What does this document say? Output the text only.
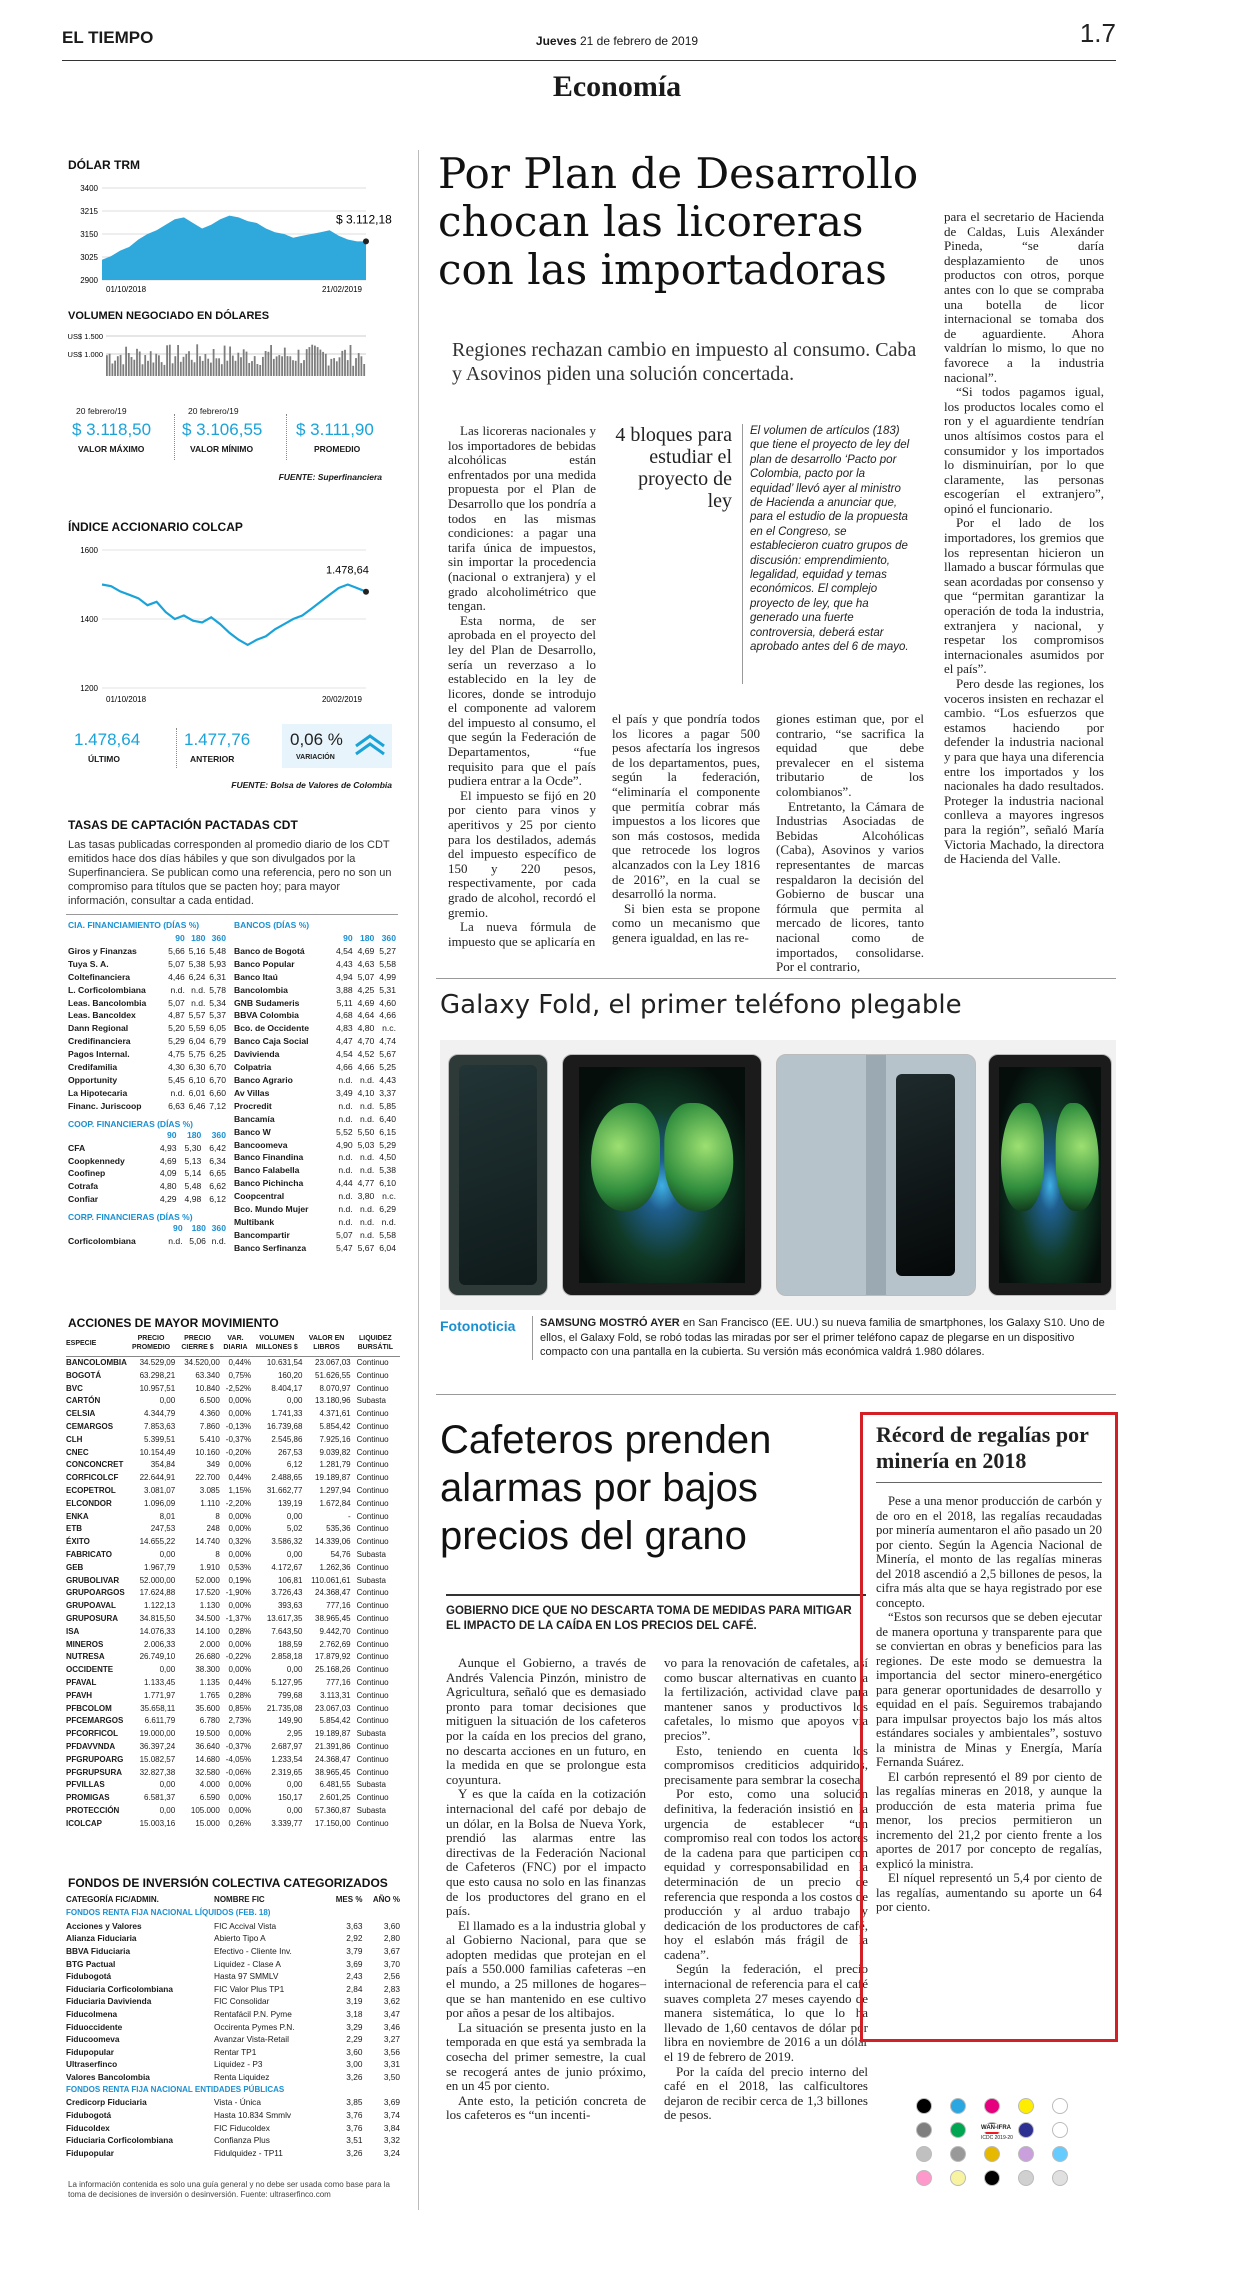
EL TIEMPO	Jueves 21 de febrero de 2019	1.7
Economía
DÓLAR TRM
3400
3215
3150
3025
2900
$ 3.112,18
01/10/2018	21/02/2019
VOLUMEN NEGOCIADO EN DÓLARES
US$ 1.500
US$ 1.000
20 febrero/19
$ 3.118,50
VALOR MÁXIMO
20 febrero/19
$ 3.106,55
VALOR MÍNIMO
$ 3.111,90
PROMEDIO
FUENTE: Superfinanciera
ÍNDICE ACCIONARIO COLCAP
1600
1400
1200
1.478,64
01/10/2018	20/02/2019
1.478,64
ÚLTIMO
1.477,76
ANTERIOR
0,06 %
VARIACIÓN
FUENTE: Bolsa de Valores de Colombia
TASAS DE CAPTACIÓN PACTADAS CDT
Las tasas publicadas corresponden al promedio diario de los CDT emitidos hace dos días hábiles y que son divulgados por la Superfinanciera. Se publican como una referencia, pero no son un compromiso para títulos que se pacten hoy; para mayor información, consultar a cada entidad.
CIA. FINANCIAMIENTO (DÍAS %)
	90	180	360
Giros y Finanzas	5,66	5,16	5,48
Tuya S. A.	5,07	5,38	5,93
Coltefinanciera	4,46	6,24	6,31
L. Corficolombiana	n.d.	n.d.	5,78
Leas. Bancolombia	5,07	n.d.	5,34
Leas. Bancoldex	4,87	5,57	5,37
Dann Regional	5,20	5,59	6,05
Credifinanciera	5,29	6,04	6,79
Pagos Internal.	4,75	5,75	6,25
Credifamilia	4,30	6,30	6,70
Opportunity	5,45	6,10	6,70
La Hipotecaria	n.d.	6,01	6,60
Financ. Juriscoop	6,63	6,46	7,12
COOP. FINANCIERAS (DÍAS %)
	90	180	360
CFA	4,93	5,30	6,42
Coopkennedy	4,69	5,13	6,34
Coofinep	4,09	5,14	6,65
Cotrafa	4,80	5,48	6,62
Confiar	4,29	4,98	6,12
CORP. FINANCIERAS (DÍAS %)
	90	180	360
Corficolombiana	n.d.	5,06	n.d.
BANCOS (DÍAS %)
	90	180	360
Banco de Bogotá	4,54	4,69	5,27
Banco Popular	4,43	4,63	5,58
Banco Itaú	4,94	5,07	4,99
Bancolombia	3,88	4,25	5,31
GNB Sudameris	5,11	4,69	4,60
BBVA Colombia	4,68	4,64	4,66
Bco. de Occidente	4,83	4,80	n.c.
Banco Caja Social	4,47	4,70	4,74
Davivienda	4,54	4,52	5,67
Colpatria	4,66	4,66	5,25
Banco Agrario	n.d.	n.d.	4,43
Av Villas	3,49	4,10	3,37
Procredit	n.d.	n.d.	5,85
Bancamía	n.d.	n.d.	6,40
Banco W	5,52	5,50	6,15
Bancoomeva	4,90	5,03	5,29
Banco Finandina	n.d.	n.d.	4,50
Banco Falabella	n.d.	n.d.	5,38
Banco Pichincha	4,44	4,77	6,10
Coopcentral	n.d.	3,80	n.c.
Bco. Mundo Mujer	n.d.	n.d.	6,29
Multibank	n.d.	n.d.	n.d.
Bancompartir	5,07	n.d.	5,58
Banco Serfinanza	5,47	5,67	6,04
ACCIONES DE MAYOR MOVIMIENTO
ESPECIE	PRECIO PROMEDIO	PRECIO CIERRE $	VAR. DIARIA	VOLUMEN MILLONES $	VALOR EN LIBROS	LIQUIDEZ BURSÁTIL
BANCOLOMBIA	34.529,09	34.520,00	0,44%	10.631,54	23.067,03	Continuo
BOGOTÁ	63.298,21	63.340	0,75%	160,20	51.626,55	Continuo
BVC	10.957,51	10.840	-2,52%	8.404,17	8.070,97	Continuo
CARTÓN	0,00	6.500	0,00%	0,00	13.180,96	Subasta
CELSIA	4.344,79	4.360	0,00%	1.741,33	4.371,61	Continuo
CEMARGOS	7.853,63	7.860	-0,13%	16.739,68	5.854,42	Continuo
CLH	5.399,51	5.410	-0,37%	2.545,86	7.925,16	Continuo
CNEC	10.154,49	10.160	-0,20%	267,53	9.039,82	Continuo
CONCONCRET	354,84	349	0,00%	6,12	1.281,79	Continuo
CORFICOLCF	22.644,91	22.700	0,44%	2.488,65	19.189,87	Continuo
ECOPETROL	3.081,07	3.085	1,15%	31.662,77	1.297,94	Continuo
ELCONDOR	1.096,09	1.110	-2,20%	139,19	1.672,84	Continuo
ENKA	8,01	8	0,00%	0,00	-	Continuo
ETB	247,53	248	0,00%	5,02	535,36	Continuo
ÉXITO	14.655,22	14.740	0,32%	3.586,32	14.339,06	Continuo
FABRICATO	0,00	8	0,00%	0,00	54,76	Subasta
GEB	1.967,79	1.910	0,53%	4.172,67	1.262,36	Continuo
GRUBOLIVAR	52.000,00	52.000	0,19%	106,81	110.061,61	Subasta
GRUPOARGOS	17.624,88	17.520	-1,90%	3.726,43	24.368,47	Continuo
GRUPOAVAL	1.122,13	1.130	0,00%	393,63	777,16	Continuo
GRUPOSURA	34.815,50	34.500	-1,37%	13.617,35	38.965,45	Continuo
ISA	14.076,33	14.100	0,28%	7.643,50	9.442,70	Continuo
MINEROS	2.006,33	2.000	0,00%	188,59	2.762,69	Continuo
NUTRESA	26.749,10	26.680	-0,22%	2.858,18	17.879,92	Continuo
OCCIDENTE	0,00	38.300	0,00%	0,00	25.168,26	Continuo
PFAVAL	1.133,45	1.135	0,44%	5.127,95	777,16	Continuo
PFAVH	1.771,97	1.765	0,28%	799,68	3.113,31	Continuo
PFBCOLOM	35.658,11	35.600	0,85%	21.735,08	23.067,03	Continuo
PFCEMARGOS	6.611,79	6.780	2,73%	149,90	5.854,42	Continuo
PFCORFICOL	19.000,00	19.500	0,00%	2,95	19.189,87	Subasta
PFDAVVNDA	36.397,24	36.640	-0,37%	2.687,97	21.391,86	Continuo
PFGRUPOARG	15.082,57	14.680	-4,05%	1.233,54	24.368,47	Continuo
PFGRUPSURA	32.827,38	32.580	-0,06%	2.319,65	38.965,45	Continuo
PFVILLAS	0,00	4.000	0,00%	0,00	6.481,55	Subasta
PROMIGAS	6.581,37	6.590	0,00%	150,17	2.601,25	Continuo
PROTECCIÓN	0,00	105.000	0,00%	0,00	57.360,87	Subasta
ICOLCAP	15.003,16	15.000	0,26%	3.339,77	17.150,00	Continuo
FONDOS DE INVERSIÓN COLECTIVA CATEGORIZADOS
CATEGORÍA FIC/ADMIN.	NOMBRE FIC	MES %	AÑO %
FONDOS RENTA FIJA NACIONAL LÍQUIDOS (FEB. 18)			
Acciones y Valores	FIC Accival Vista	3,63	3,60
Alianza Fiduciaria	Abierto Tipo A	2,92	2,80
BBVA Fiduciaria	Efectivo - Cliente Inv.	3,79	3,67
BTG Pactual	Liquidez - Clase A	3,69	3,70
Fidubogotá	Hasta 97 SMMLV	2,43	2,56
Fiduciaria Corficolombiana	FIC Valor Plus TP1	2,84	2,83
Fiduciaria Davivienda	FIC Consolidar	3,19	3,62
Fiducolmena	Rentafácil P.N. Pyme	3,18	3,47
Fiduoccidente	Occirenta Pymes P.N.	3,29	3,46
Fiducoomeva	Avanzar Vista-Retail	2,29	3,27
Fidupopular	Rentar TP1	3,60	3,56
Ultraserfinco	Liquidez - P3	3,00	3,31
Valores Bancolombia	Renta Liquidez	3,26	3,50
FONDOS RENTA FIJA NACIONAL ENTIDADES PÚBLICAS			
Credicorp Fiduciaria	Vista - Única	3,85	3,69
Fidubogotá	Hasta 10.834 Smmlv	3,76	3,74
Fiducoldex	FIC Fiducoldex	3,76	3,84
Fiduciaria Corficolombiana	Confianza Plus	3,51	3,32
Fidupopular	Fidulquidez - TP11	3,26	3,24
La información contenida es solo una guía general y no debe ser usada como base para la toma de decisiones de inversión o desinversión. Fuente: ultraserfinco.com
Por Plan de Desarrollo chocan las licoreras con las importadoras
Regiones rechazan cambio en impuesto al consumo. Caba y Asovinos piden una solución concertada.

Las licoreras nacionales y los importadores de bebidas alcohólicas están enfrentados por una medida propuesta por el Plan de Desarrollo que los pondría a todos en las mismas condiciones: a pagar una tarifa única de impuestos, sin importar la procedencia (nacional o extranjera) y el grado alcoholimétrico que tengan.

Esta norma, de ser aprobada en el proyecto del ley del Plan de Desarrollo, sería un reverzaso a lo establecido en la ley de licores, donde se introdujo el componente ad valorem del impuesto al consumo, el que según la Federación de Departamentos, “fue requisito para que el país pudiera entrar a la Ocde”.

El impuesto se fijó en 20 por ciento para vinos y aperitivos y 25 por ciento para los destilados, además del impuesto específico de 150 y 220 pesos, respectivamente, por cada grado de alcohol, recordó el gremio.

La nueva fórmula de impuesto que se aplicaría en

4 bloques para estudiar el proyecto de ley
El volumen de artículos (183) que tiene el proyecto de ley del plan de desarrollo ‘Pacto por Colombia, pacto por la equidad’ llevó ayer al ministro de Hacienda a anunciar que, para el estudio de la propuesta en el Congreso, se establecieron cuatro grupos de discusión: emprendimiento, legalidad, equidad y temas económicos. El complejo proyecto de ley, que ha generado una fuerte controversia, deberá estar aprobado antes del 6 de mayo.

el país y que pondría todos los licores a pagar 500 pesos afectaría los ingresos de los departamentos, pues, según la federación, “eliminaría el componente que permitía cobrar más impuestos a los licores que son más costosos, medida que retrocede los logros alcanzados con la Ley 1816 de 2016”, en la cual se desarrolló la norma.

Si bien esta se propone como un mecanismo que genera igualdad, en las re-

giones estiman que, por el contrario, “se sacrifica la equidad que debe prevalecer en el sistema tributario de los colombianos”.

Entretanto, la Cámara de Industrias Asociadas de Bebidas Alcohólicas (Caba), Asovinos y varios representantes de marcas respaldaron la decisión del Gobierno de buscar una fórmula que permita al mercado de licores, tanto nacional como de importados, consolidarse. Por el contrario,

para el secretario de Hacienda de Caldas, Luis Alexánder Pineda, “se daría desplazamiento de unos productos con otros, porque antes con lo que se compraba una botella de licor internacional se tomaba dos de aguardiente. Ahora valdrían lo mismo, lo que no favorece a la industria nacional”.

“Si todos pagamos igual, los productos locales como el ron y el aguardiente tendrían unos altísimos costos para el consumidor y los importados lo disminuirían, por lo que claramente, las personas escogerían el extranjero”, opinó el funcionario.

Por el lado de los importadores, los gremios que los representan hicieron un llamado a buscar fórmulas que sean acordadas por consenso y que “permitan garantizar la operación de toda la industria, extranjera y nacional, y respetar los compromisos internacionales asumidos por el país”.

Pero desde las regiones, los voceros insisten en rechazar el cambio. “Los esfuerzos que estamos haciendo por defender la industria nacional y para que haya una diferencia entre los importados y los nacionales ha dado resultados. Proteger la industria nacional conlleva a mayores ingresos para la región”, señaló María Victoria Machado, la directora de Hacienda del Valle.

Galaxy Fold, el primer teléfono plegable
Fotonoticia SAMSUNG MOSTRÓ AYER en San Francisco (EE. UU.) su nueva familia de smartphones, los Galaxy S10. Uno de ellos, el Galaxy Fold, se robó todas las miradas por ser el primer teléfono capaz de plegarse en un dispositivo compacto con una pantalla en la cubierta. Su versión más económica valdrá 1.980 dólares.
Cafeteros prenden alarmas por bajos precios del grano
GOBIERNO DICE QUE NO DESCARTA TOMA DE MEDIDAS PARA MITIGAR EL IMPACTO DE LA CAÍDA EN LOS PRECIOS DEL CAFÉ.

Aunque el Gobierno, a través de Andrés Valencia Pinzón, ministro de Agricultura, señaló que es demasiado pronto para tomar decisiones que mitiguen la situación de los cafeteros por la caída en los precios del grano, no descarta acciones en un futuro, en la medida en que se prolongue esta coyuntura.

Y es que la caída en la cotización internacional del café por debajo de un dólar, en la Bolsa de Nueva York, prendió las alarmas entre las directivas de la Federación Nacional de Cafeteros (FNC) por el impacto que esto causa no solo en las finanzas de los productores del grano en el país.

El llamado es a la industria global y al Gobierno Nacional, para que se adopten medidas que protejan en el país a 550.000 familias cafeteras –en el mundo, a 25 millones de hogares– que se han mantenido en ese cultivo por años a pesar de los altibajos.

La situación se presenta justo en la temporada en que está ya sembrada la cosecha del primer semestre, la cual se recogerá antes de junio próximo, en un 45 por ciento.

Ante esto, la petición concreta de los cafeteros es “un incenti-

vo para la renovación de cafetales, así como buscar alternativas en cuanto a la fertilización, actividad clave para mantener sanos y productivos los cafetales, lo mismo que apoyos vía precios”.

Esto, teniendo en cuenta los compromisos crediticios adquiridos, precisamente para sembrar la cosecha.

Por esto, como una solución definitiva, la federación insistió en la urgencia de establecer “un compromiso real con todos los actores de la cadena para que participen con equidad y corresponsabilidad en la determinación de un precio de referencia que responda a los costos de producción y al arduo trabajo y dedicación de los productores de café, hoy el eslabón más frágil de la cadena”.

Según la federación, el precio internacional de referencia para el café suaves completa 27 meses cayendo de manera sistemática, lo que lo ha llevado de 1,60 centavos de dólar por libra en noviembre de 2016 a un dólar el 19 de febrero de 2019.

Por la caída del precio interno del café en el 2018, las calficultores dejaron de recibir cerca de 1,3 billones de pesos.

Récord de regalías por minería en 2018

Pese a una menor producción de carbón y de oro en el 2018, las regalías recaudadas por minería aumentaron el año pasado un 20 por ciento. Según la Agencia Nacional de Minería, el monto de las regalías mineras del 2018 ascendió a 2,5 billones de pesos, la cifra más alta que se haya registrado por ese concepto.

“Estos son recursos que se deben ejecutar de manera oportuna y transparente para que se conviertan en obras y beneficios para las regiones. De este modo se demuestra la importancia del sector minero-energético para generar oportunidades de desarrollo y equidad en el país. Seguiremos trabajando para impulsar proyectos bajo los más altos estándares sociales y ambientales”, sostuvo la ministra de Minas y Energía, María Fernanda Suárez.

El carbón representó el 89 por ciento de las regalías mineras en 2018, y aunque la producción de esta materia prima fue menor, los precios permitieron un incremento del 21,2 por ciento frente a los aportes de 2017 por concepto de regalías, explicó la ministra.

El níquel representó un 5,4 por ciento de las regalías, aumentando su aporte un 64 por ciento.

WAN-IFRA
ICDC 2019-20
